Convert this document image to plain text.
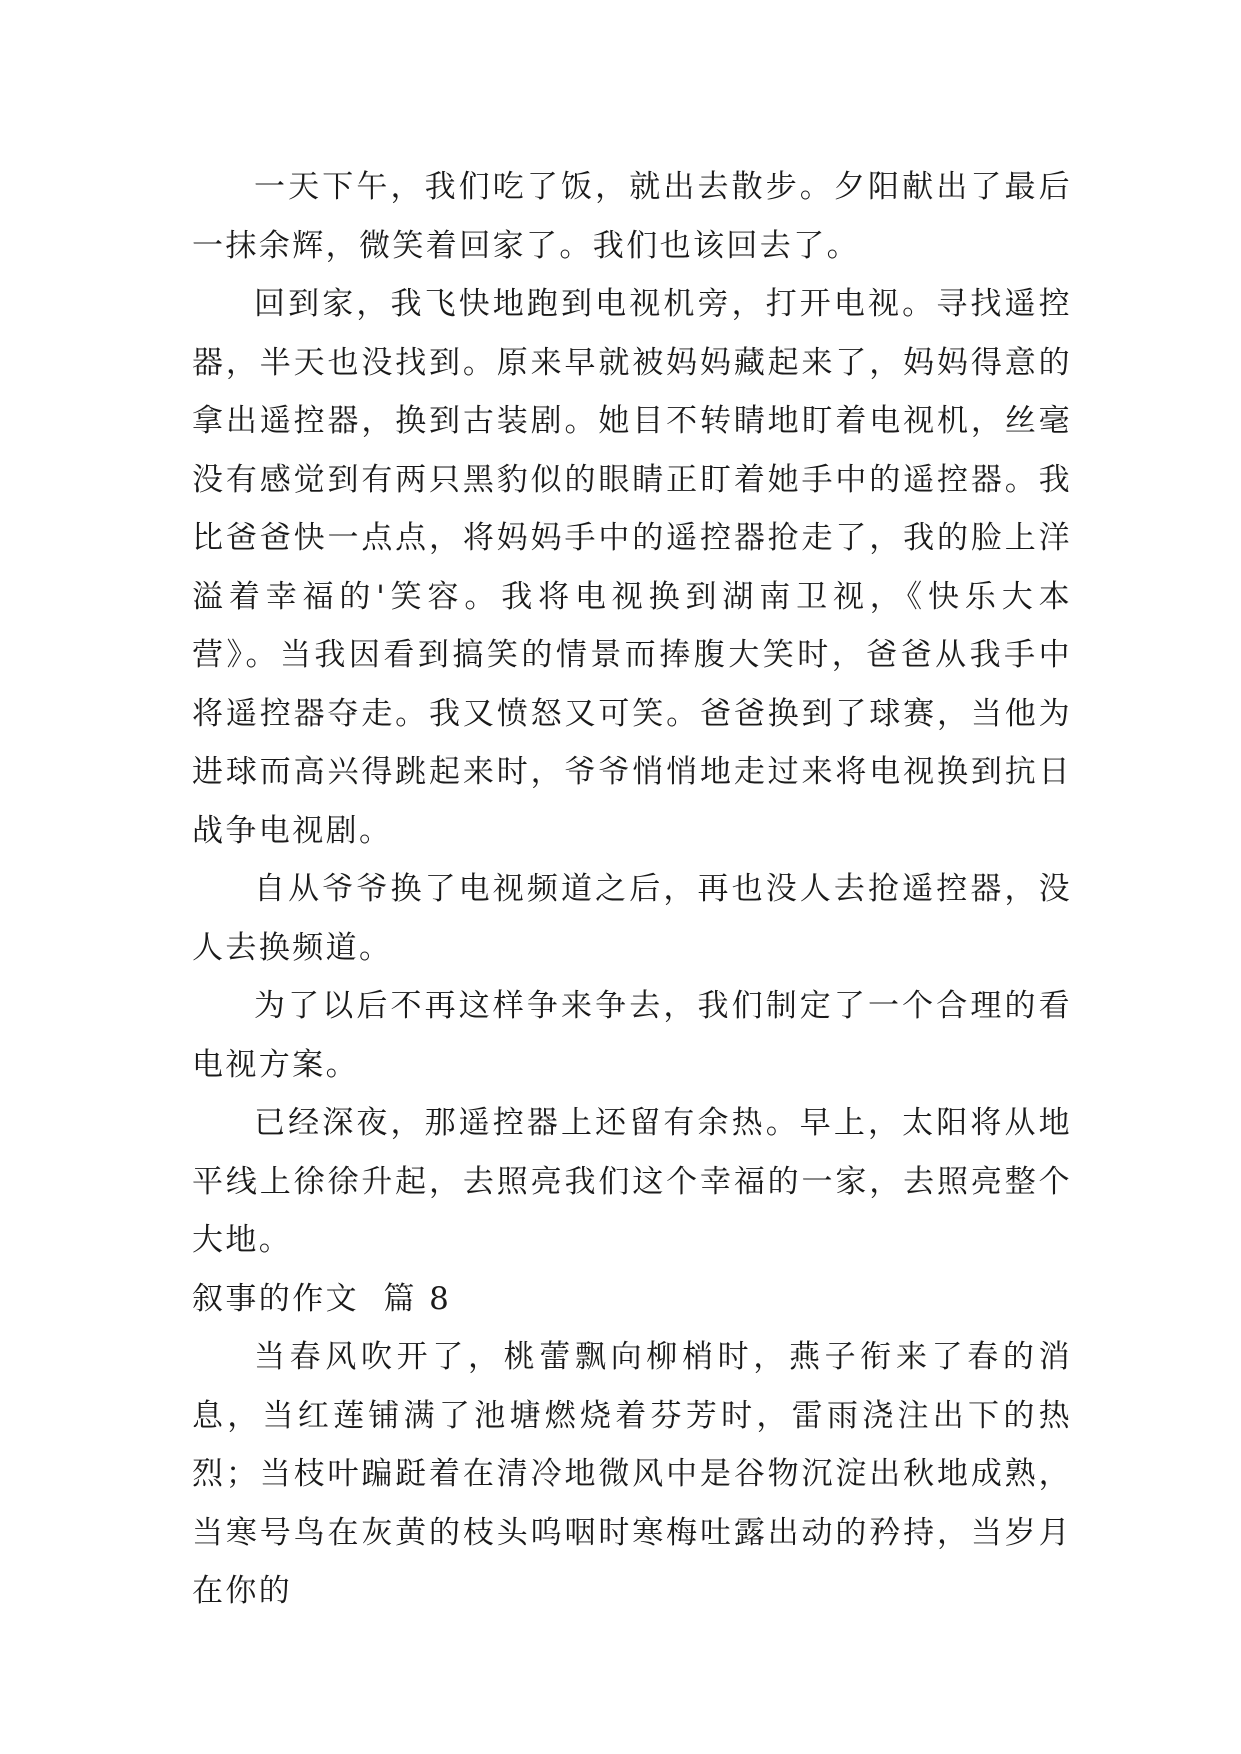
一天下午，我们吃了饭，就出去散步。夕阳献出了最后一抹余辉，微笑着回家了。我们也该回去了。

回到家，我飞快地跑到电视机旁，打开电视。寻找遥控器，半天也没找到。原来早就被妈妈藏起来了，妈妈得意的拿出遥控器，换到古装剧。她目不转睛地盯着电视机，丝毫没有感觉到有两只黑豹似的眼睛正盯着她手中的遥控器。我比爸爸快一点点，将妈妈手中的遥控器抢走了，我的脸上洋溢着幸福的'笑容。我将电视换到湖南卫视，《快乐大本营》。当我因看到搞笑的情景而捧腹大笑时，爸爸从我手中将遥控器夺走。我又愤怒又可笑。爸爸换到了球赛，当他为进球而高兴得跳起来时，爷爷悄悄地走过来将电视换到抗日战争电视剧。

自从爷爷换了电视频道之后，再也没人去抢遥控器，没人去换频道。

为了以后不再这样争来争去，我们制定了一个合理的看电视方案。

已经深夜，那遥控器上还留有余热。早上，太阳将从地平线上徐徐升起，去照亮我们这个幸福的一家，去照亮整个大地。

叙事的作文  篇 8

当春风吹开了，桃蕾飘向柳梢时，燕子衔来了春的消息，当红莲铺满了池塘燃烧着芬芳时，雷雨浇注出下的热烈；当枝叶蹁跹着在清冷地微风中是谷物沉淀出秋地成熟，当寒号鸟在灰黄的枝头呜咽时寒梅吐露出动的矜持，当岁月在你的
